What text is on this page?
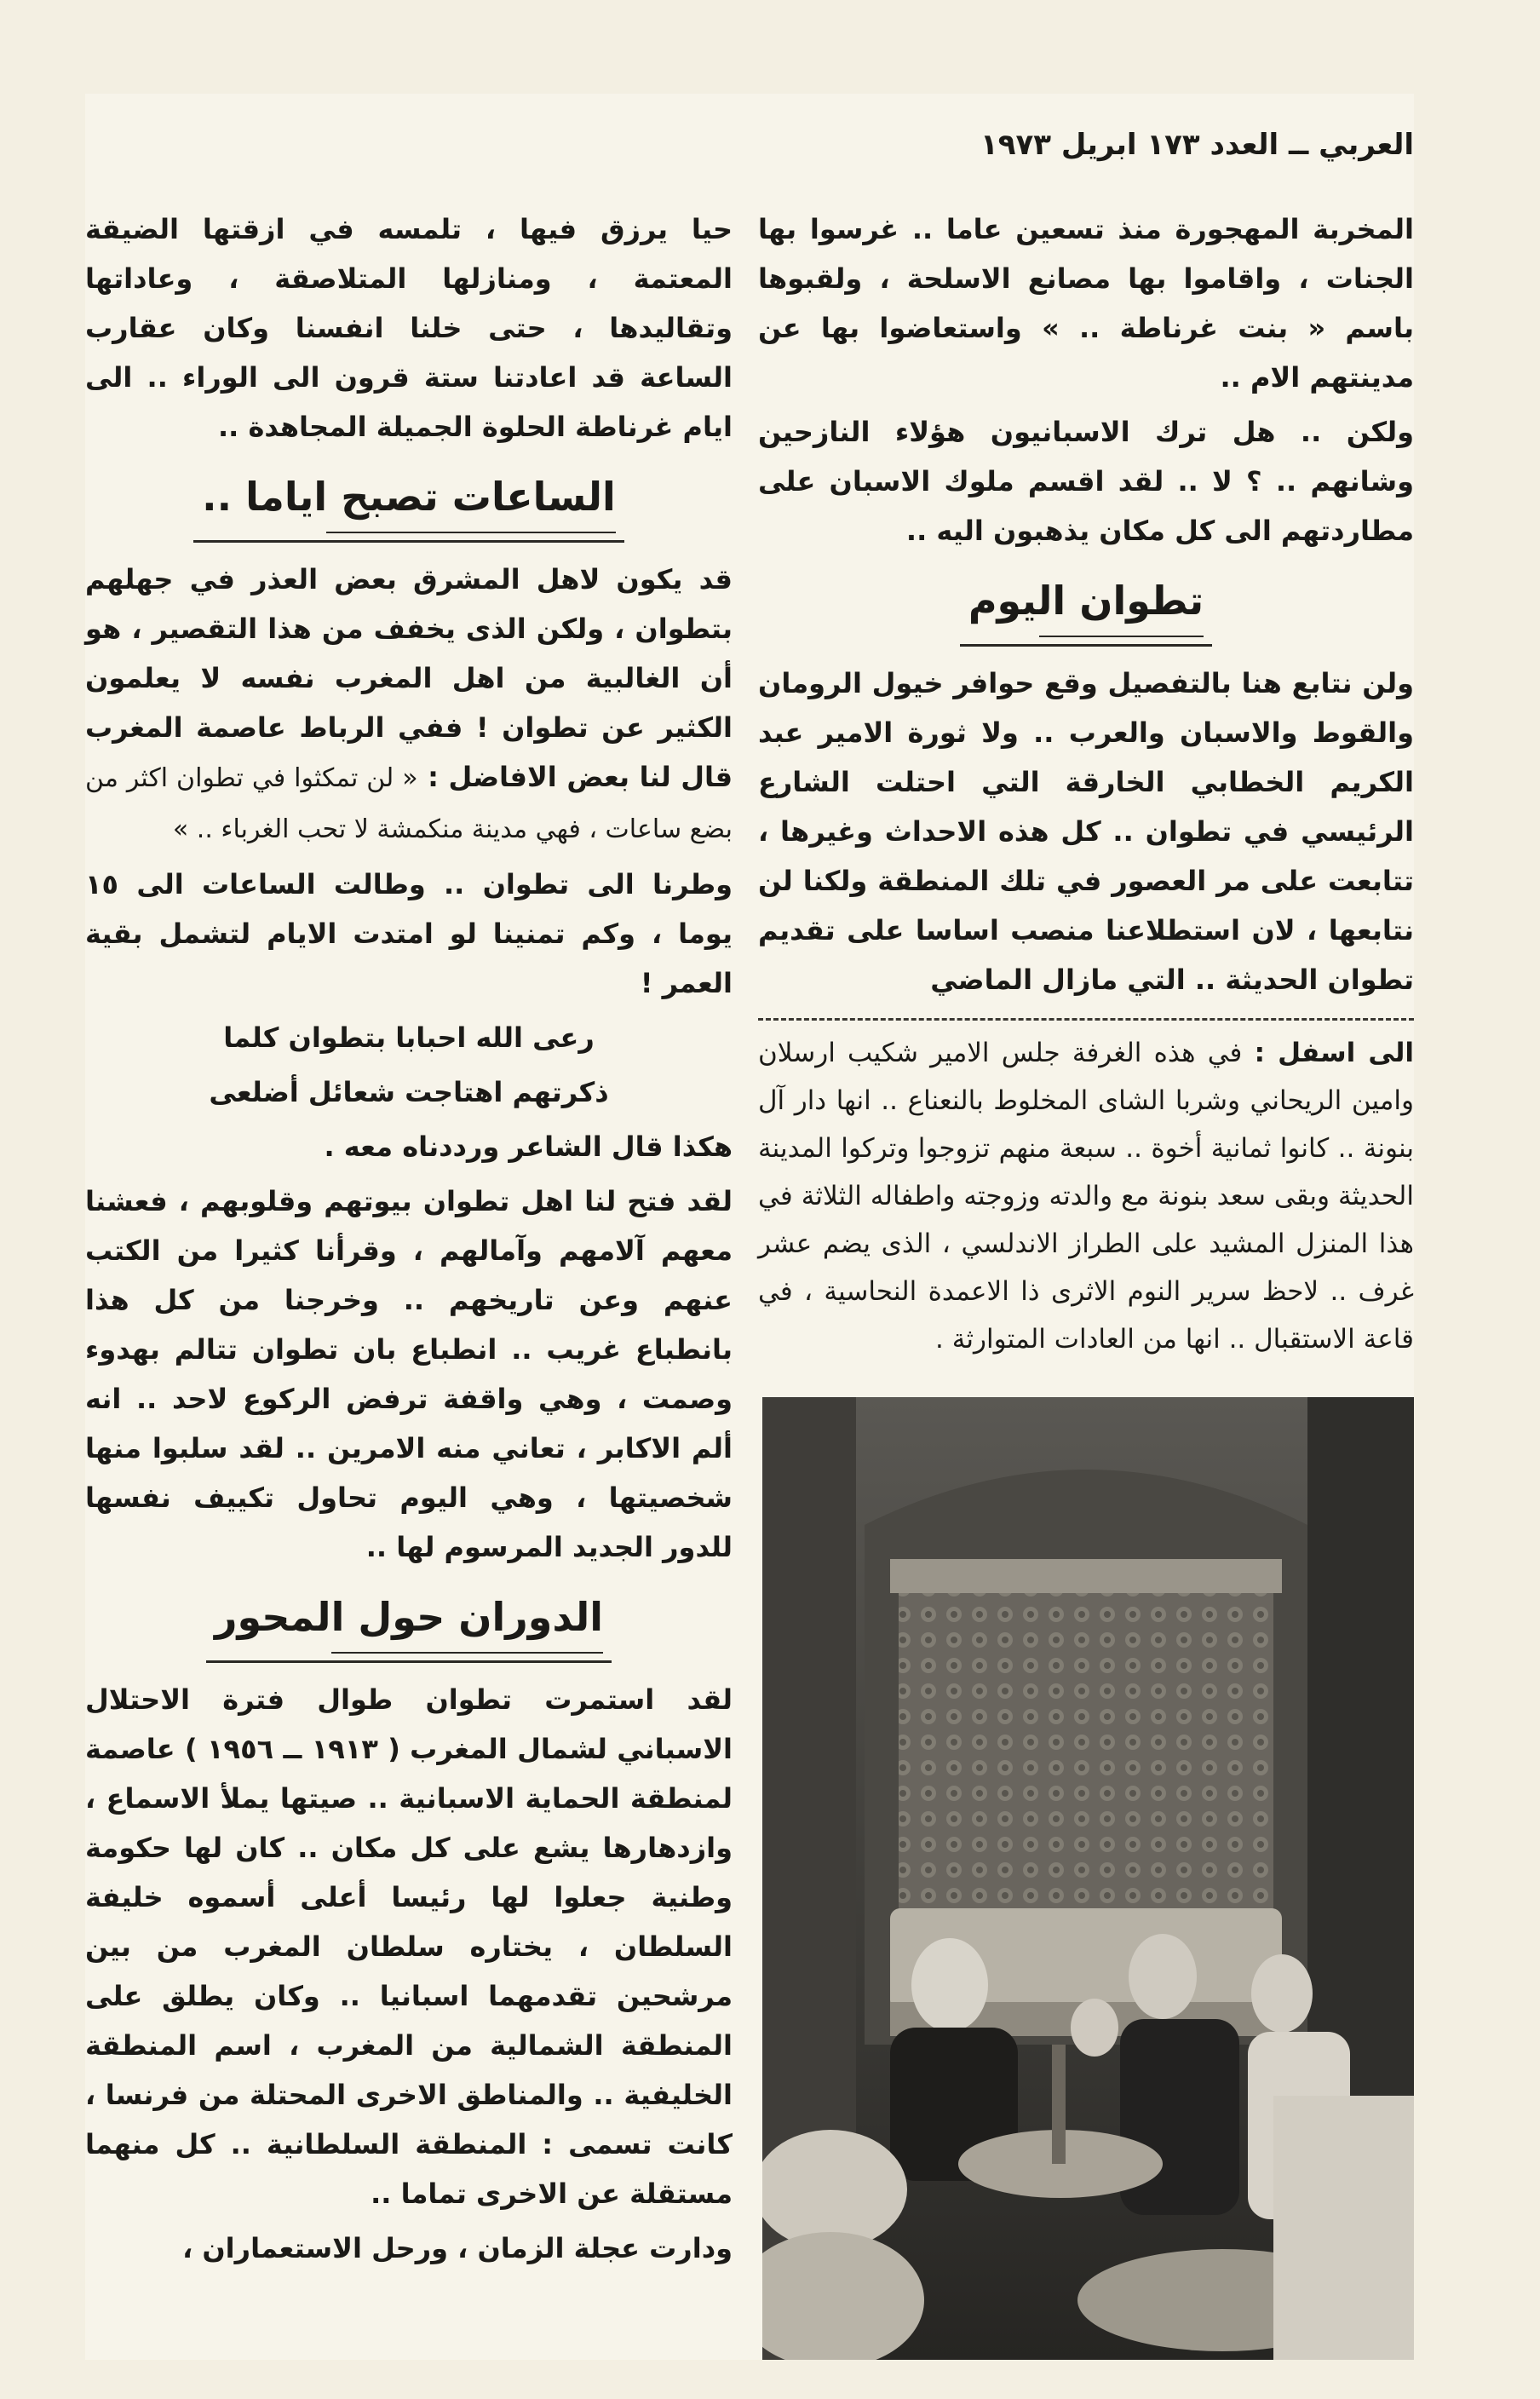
العربي ــ العدد ١٧٣ ابريل ١٩٧٣

المخربة المهجورة منذ تسعين عاما .. غرسوا بها الجنات ، واقاموا بها مصانع الاسلحة ، ولقبوها باسم « بنت غرناطة .. » واستعاضوا بها عن مدينتهم الام ..

ولكن .. هل ترك الاسبانيون هؤلاء النازحين وشانهم .. ؟ لا .. لقد اقسم ملوك الاسبان على مطاردتهم الى كل مكان يذهبون اليه ..

تطوان اليوم

ولن نتابع هنا بالتفصيل وقع حوافر خيول الرومان والقوط والاسبان والعرب .. ولا ثورة الامير عبد الكريم الخطابي الخارقة التي احتلت الشارع الرئيسي في تطوان .. كل هذه الاحداث وغيرها ، تتابعت على مر العصور في تلك المنطقة ولكنا لن نتابعها ، لان استطلاعنا منصب اساسا على تقديم تطوان الحديثة .. التي مازال الماضي

الى اسفل : في هذه الغرفة جلس الامير شكيب ارسلان وامين الريحاني وشربا الشاى المخلوط بالنعناع .. انها دار آل بنونة .. كانوا ثمانية أخوة .. سبعة منهم تزوجوا وتركوا المدينة الحديثة وبقى سعد بنونة مع والدته وزوجته واطفاله الثلاثة في هذا المنزل المشيد على الطراز الاندلسي ، الذى يضم عشر غرف .. لاحظ سرير النوم الاثرى ذا الاعمدة النحاسية ، في قاعة الاستقبال .. انها من العادات المتوارثة .

حيا يرزق فيها ، تلمسه في ازقتها الضيقة المعتمة ، ومنازلها المتلاصقة ، وعاداتها وتقاليدها ، حتى خلنا انفسنا وكان عقارب الساعة قد اعادتنا ستة قرون الى الوراء .. الى ايام غرناطة الحلوة الجميلة المجاهدة ..

الساعات تصبح اياما ..

قد يكون لاهل المشرق بعض العذر في جهلهم بتطوان ، ولكن الذى يخفف من هذا التقصير ، هو أن الغالبية من اهل المغرب نفسه لا يعلمون الكثير عن تطوان ! ففي الرباط عاصمة المغرب قال لنا بعض الافاضل : « لن تمكثوا في تطوان اكثر من بضع ساعات ، فهي مدينة منكمشة لا تحب الغرباء .. »

وطرنا الى تطوان .. وطالت الساعات الى ١٥ يوما ، وكم تمنينا لو امتدت الايام لتشمل بقية العمر !

رعى الله احبابا بتطوان كلما

ذكرتهم اهتاجت شعائل أضلعى

هكذا قال الشاعر ورددناه معه .

لقد فتح لنا اهل تطوان بيوتهم وقلوبهم ، فعشنا معهم آلامهم وآمالهم ، وقرأنا كثيرا من الكتب عنهم وعن تاريخهم .. وخرجنا من كل هذا بانطباع غريب .. انطباع بان تطوان تتالم بهدوء وصمت ، وهي واقفة ترفض الركوع لاحد .. انه ألم الاكابر ، تعاني منه الامرين .. لقد سلبوا منها شخصيتها ، وهي اليوم تحاول تكييف نفسها للدور الجديد المرسوم لها ..

الدوران حول المحور

لقد استمرت تطوان طوال فترة الاحتلال الاسباني لشمال المغرب ( ١٩١٣ ــ ١٩٥٦ ) عاصمة لمنطقة الحماية الاسبانية .. صيتها يملأ الاسماع ، وازدهارها يشع على كل مكان .. كان لها حكومة وطنية جعلوا لها رئيسا أعلى أسموه خليفة السلطان ، يختاره سلطان المغرب من بين مرشحين تقدمهما اسبانيا .. وكان يطلق على المنطقة الشمالية من المغرب ، اسم المنطقة الخليفية .. والمناطق الاخرى المحتلة من فرنسا ، كانت تسمى : المنطقة السلطانية .. كل منهما مستقلة عن الاخرى تماما ..

ودارت عجلة الزمان ، ورحل الاستعماران ،
